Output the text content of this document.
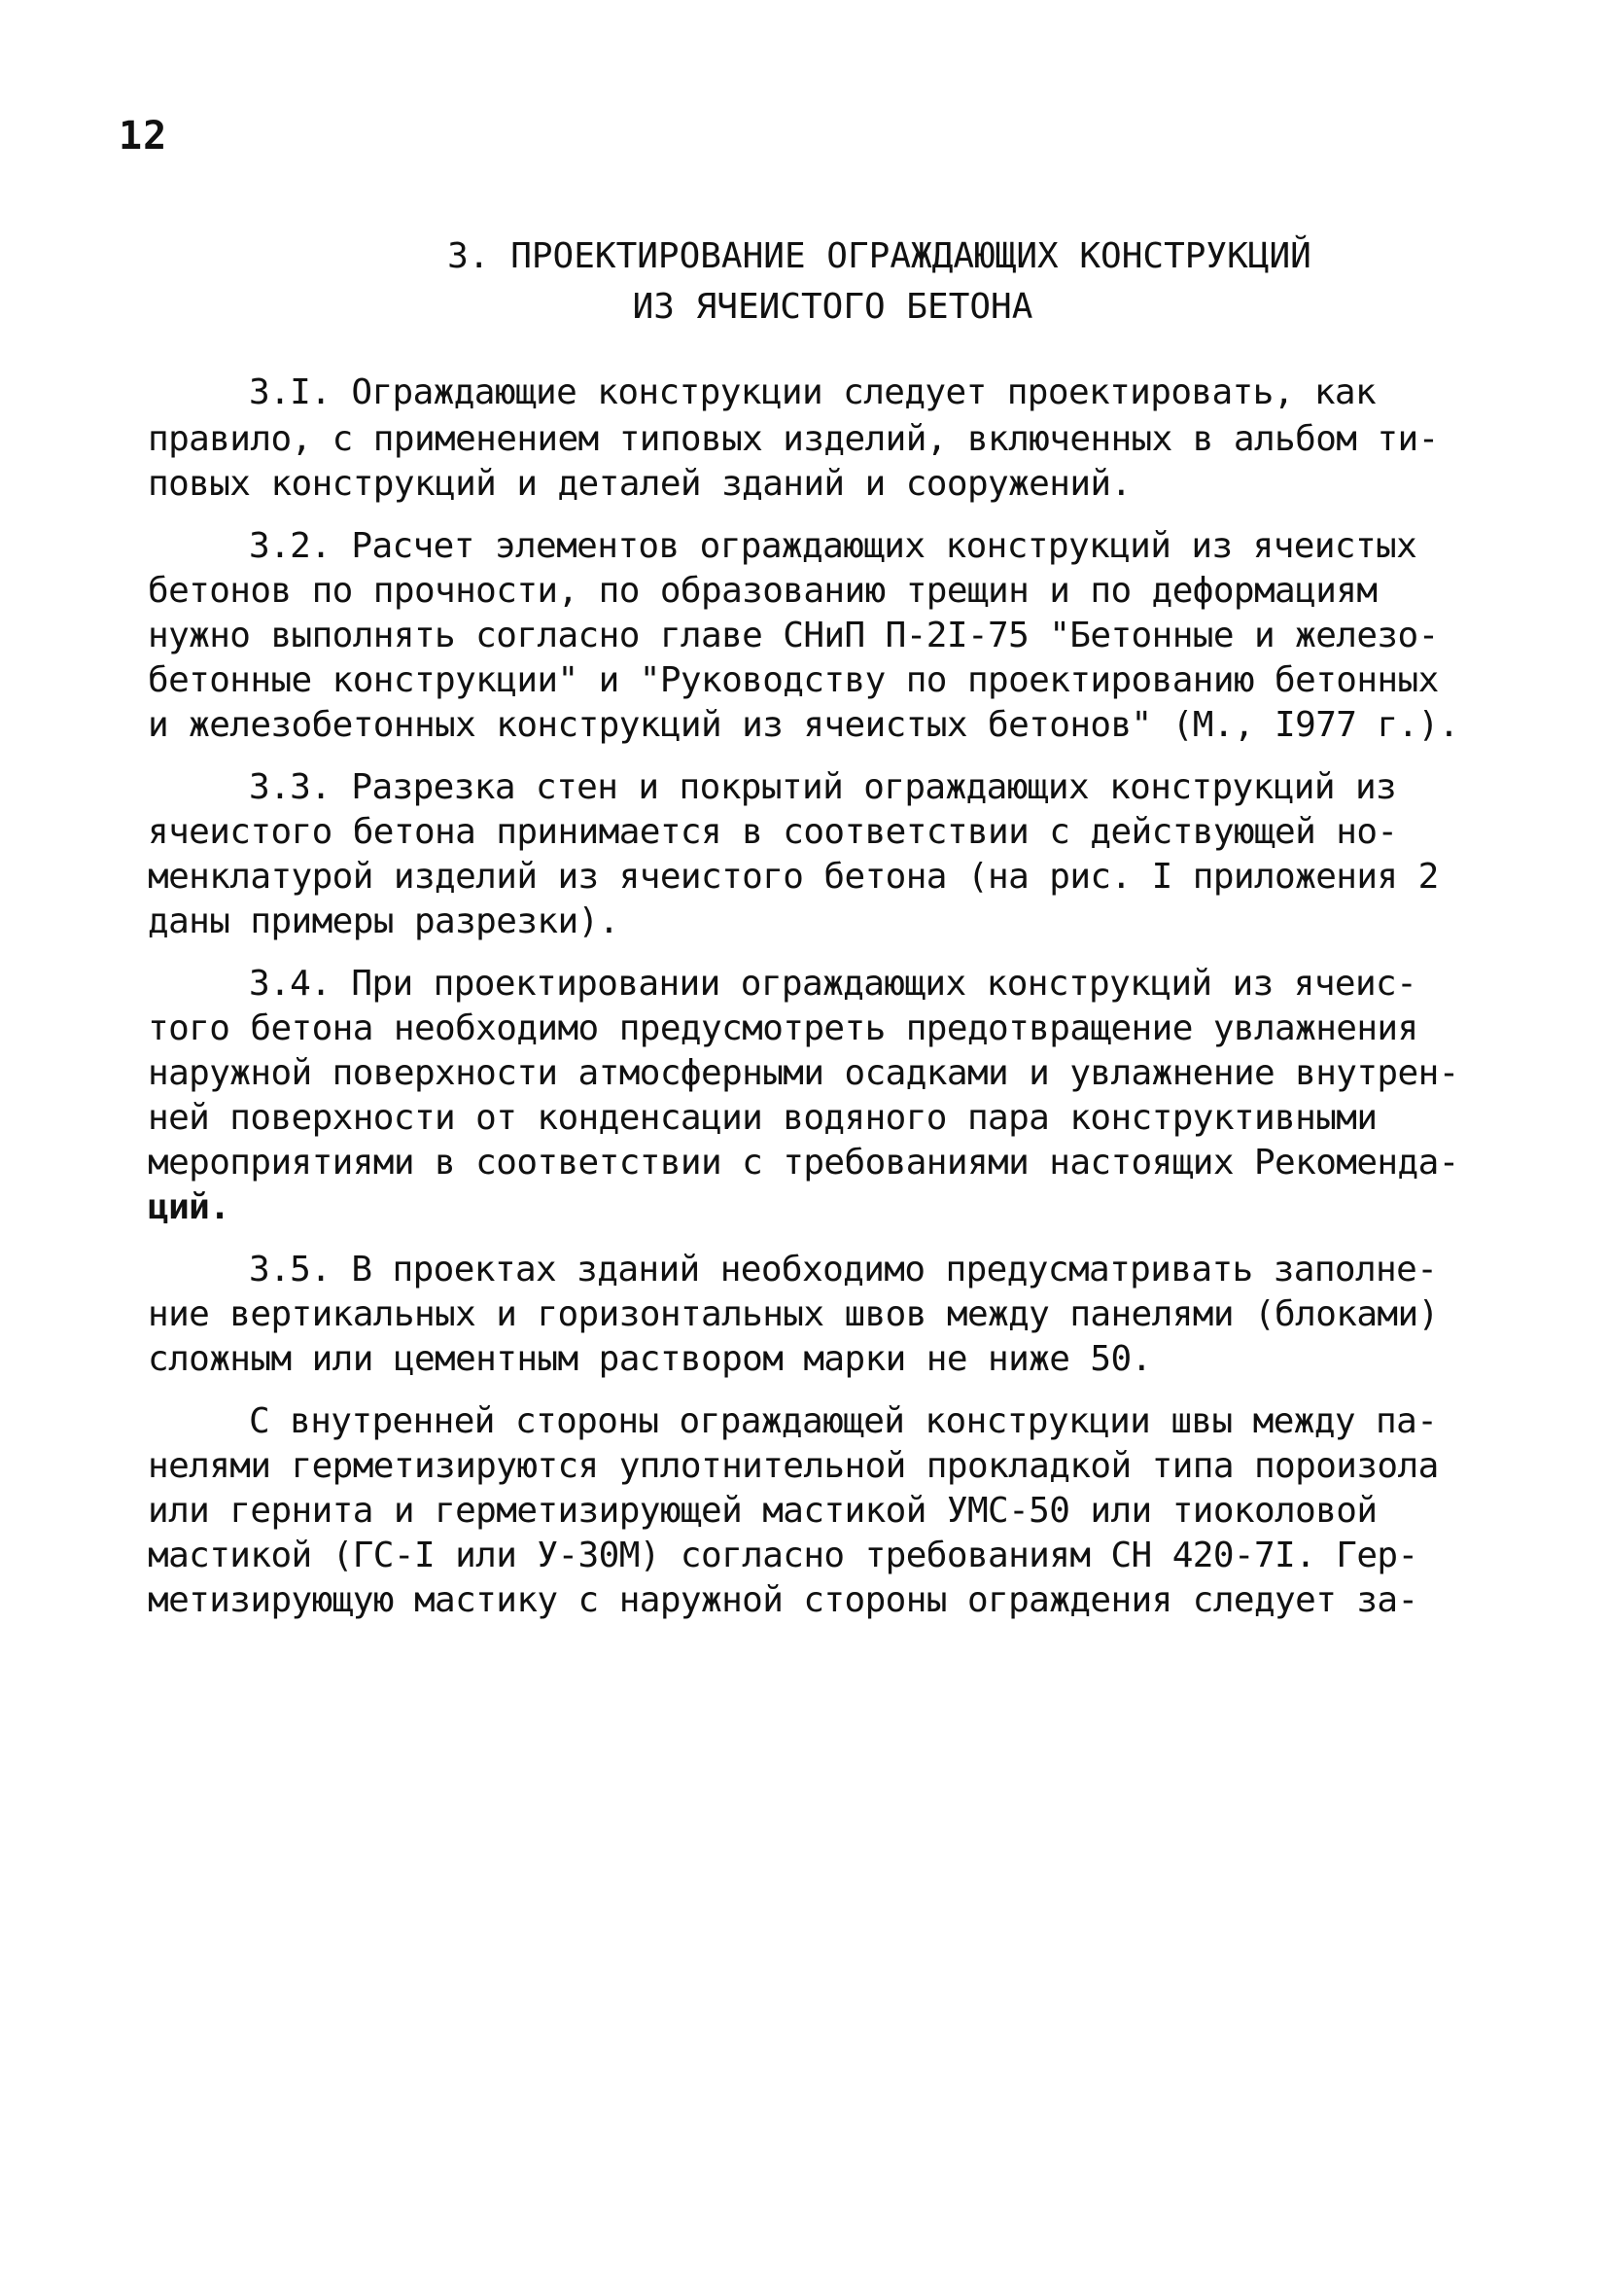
12
3. ПРОЕКТИРОВАНИЕ ОГРАЖДАЮЩИХ КОНСТРУКЦИЙ
ИЗ ЯЧЕИСТОГО БЕТОНА
3.I. Ограждающие конструкции следует проектировать, как
правило, с применением типовых изделий, включенных в альбом ти-
повых конструкций и деталей зданий и сооружений.
3.2. Расчет элементов ограждающих конструкций из ячеистых
бетонов по прочности, по образованию трещин и по деформациям
нужно выполнять согласно главе СНиП П-2I-75 "Бетонные и железо-
бетонные конструкции" и "Руководству по проектированию бетонных
и железобетонных конструкций из ячеистых бетонов" (М., I977 г.).
3.3. Разрезка стен и покрытий ограждающих конструкций из
ячеистого бетона принимается в соответствии с действующей но-
менклатурой изделий из ячеистого бетона (на рис. I приложения 2
даны примеры разрезки).
3.4. При проектировании ограждающих конструкций из ячеис-
того бетона необходимо предусмотреть предотвращение увлажнения
наружной поверхности атмосферными осадками и увлажнение внутрен-
ней поверхности от конденсации водяного пара конструктивными
мероприятиями в соответствии с требованиями настоящих Рекоменда-
ций.
3.5. В проектах зданий необходимо предусматривать заполне-
ние вертикальных и горизонтальных швов между панелями (блоками)
сложным или цементным раствором марки не ниже 50.
С внутренней стороны ограждающей конструкции швы между па-
нелями герметизируются уплотнительной прокладкой типа пороизола
или гернита и герметизирующей мастикой УМС-50 или тиоколовой
мастикой (ГС-I или У-30М) согласно требованиям СН 420-7I. Гер-
метизирующую мастику с наружной стороны ограждения следует за-
